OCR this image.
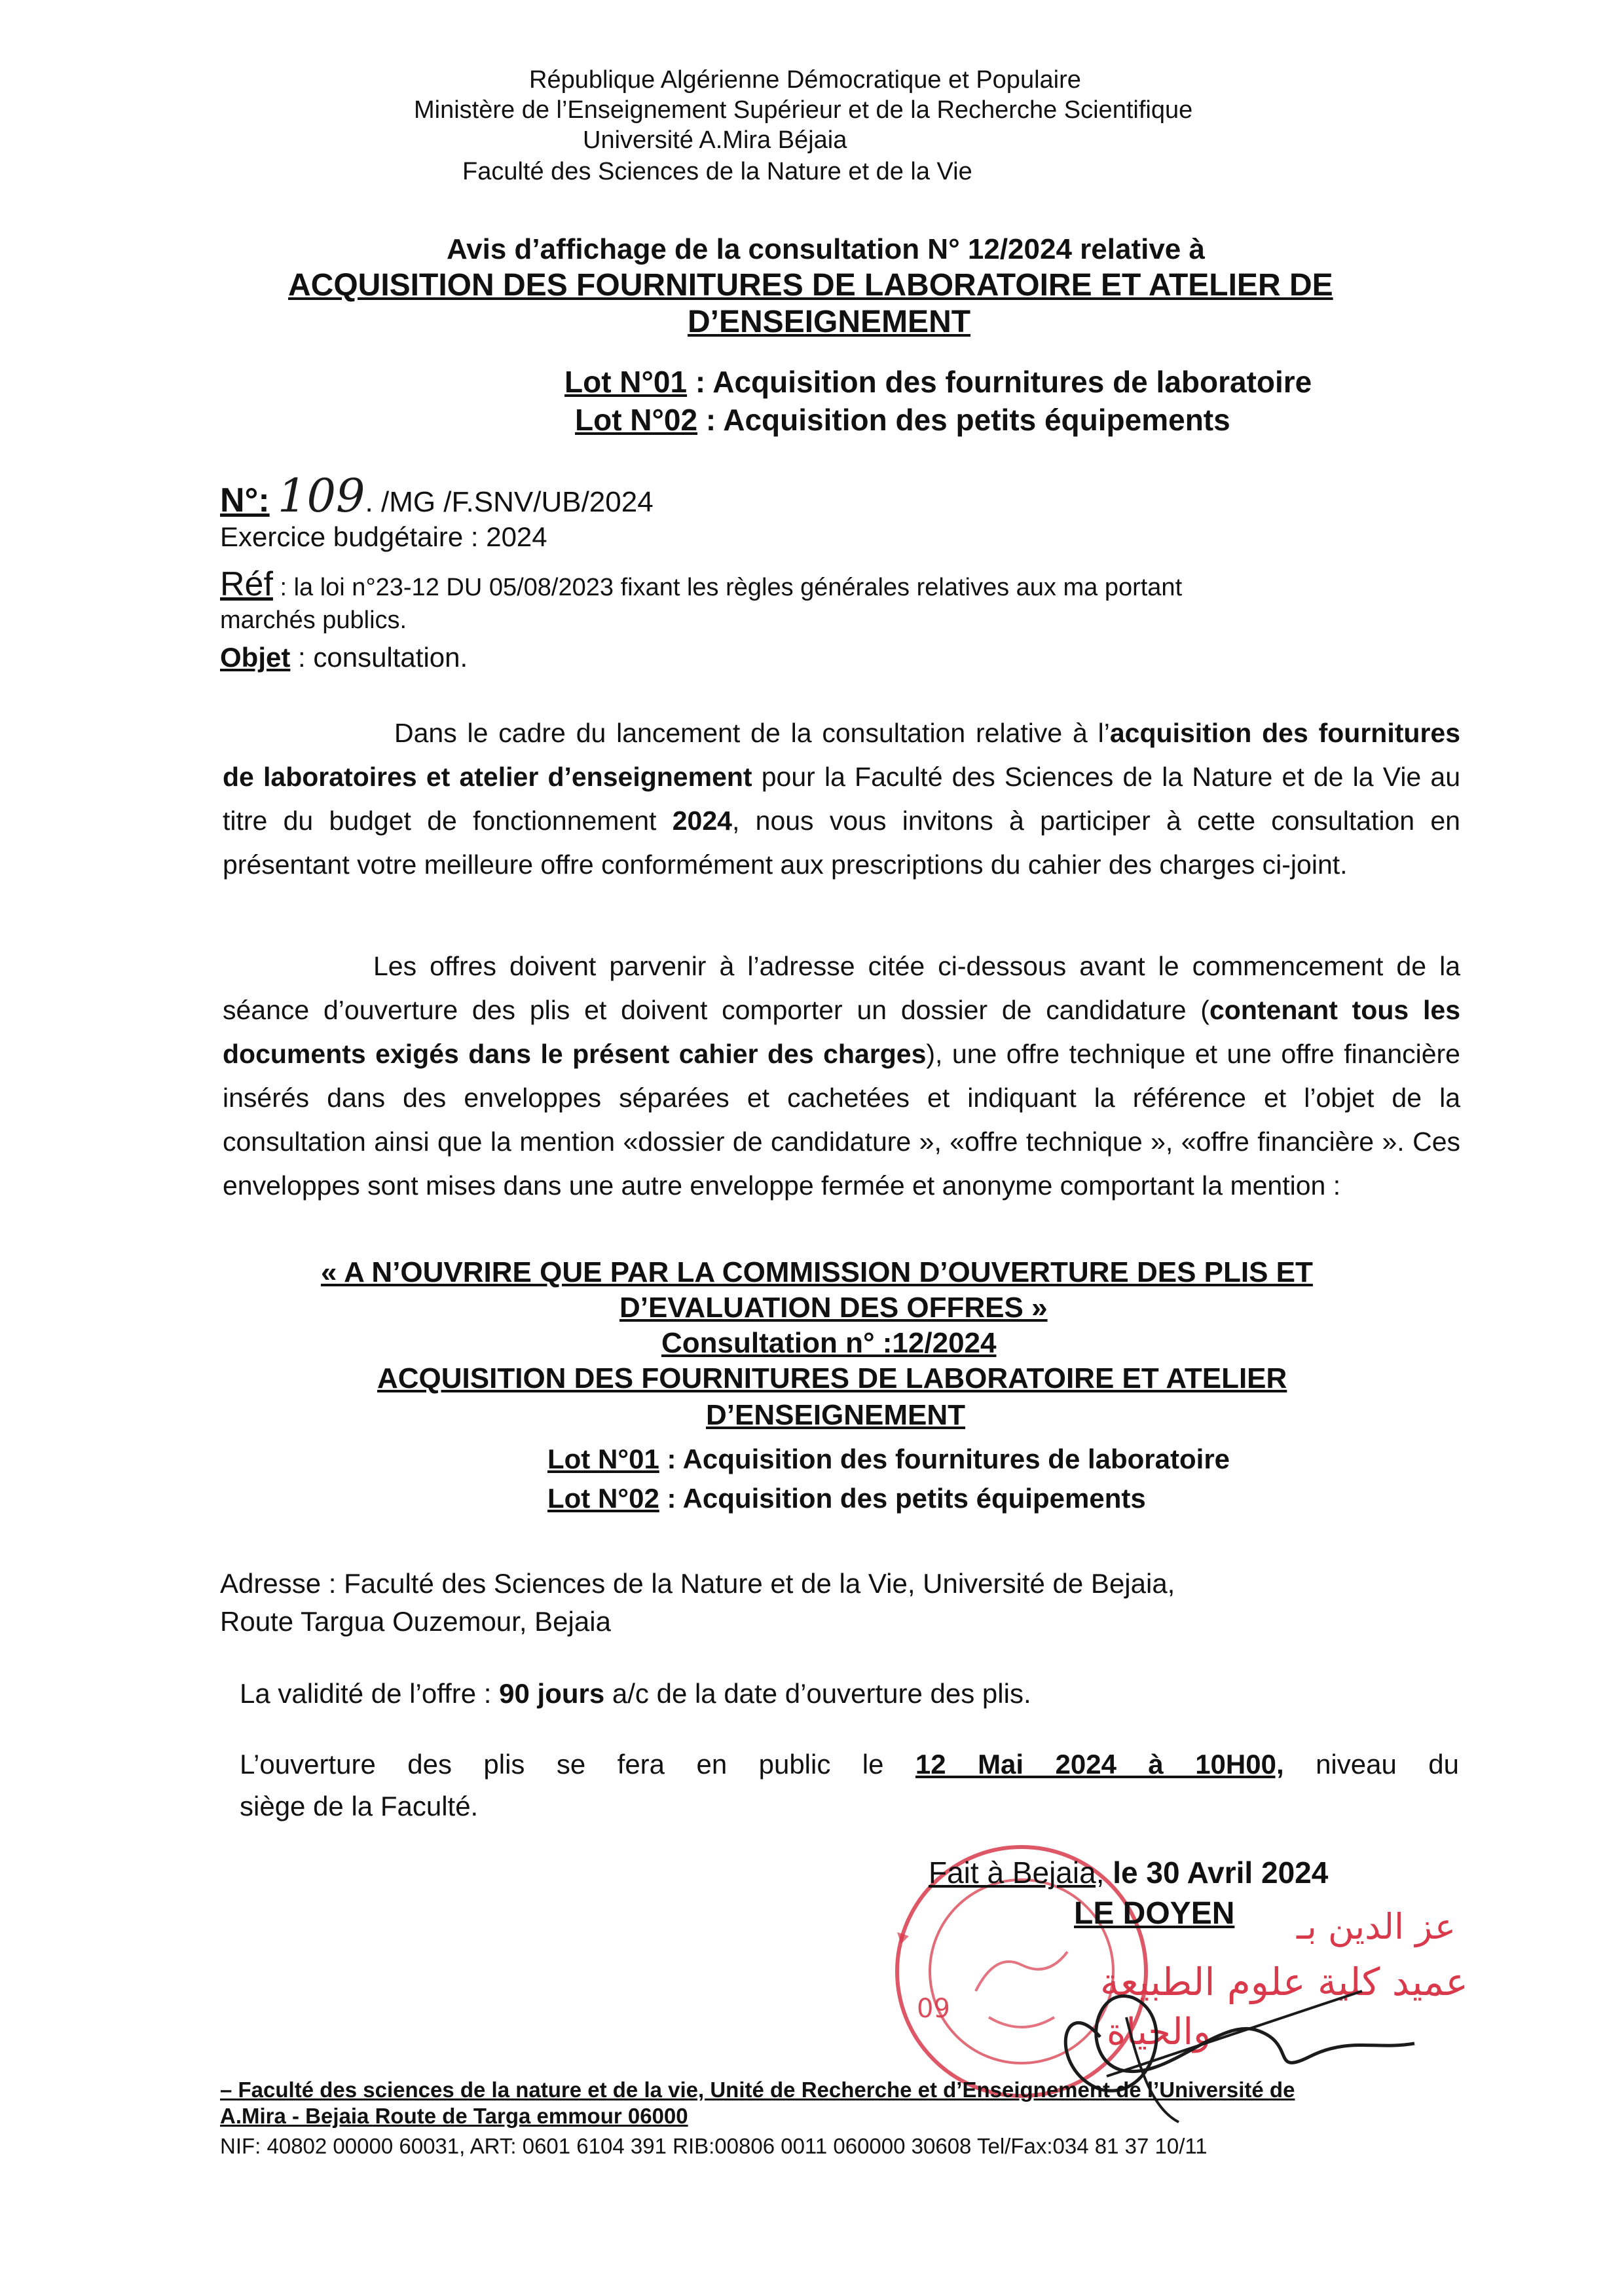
République Algérienne Démocratique et Populaire
Ministère de l’Enseignement Supérieur et de la Recherche Scientifique
Université A.Mira Béjaia
Faculté des Sciences de la Nature et de la Vie
Avis d’affichage de la consultation N° 12/2024 relative à
ACQUISITION DES FOURNITURES DE LABORATOIRE ET ATELIER DE
D’ENSEIGNEMENT
Lot N°01 : Acquisition des fournitures de laboratoire
Lot N°02 : Acquisition des petits équipements
N°: 109. /MG /F.SNV/UB/2024
Exercice budgétaire : 2024
Réf : la loi n°23-12 DU 05/08/2023 fixant les règles générales relatives aux ma portant
marchés publics.
Objet : consultation.
Dans le cadre du lancement de la consultation relative à l’acquisition des fournitures de laboratoires et atelier d’enseignement pour la Faculté des Sciences de la Nature et de la Vie au titre du budget de fonctionnement 2024, nous vous invitons à participer à cette consultation en présentant votre meilleure offre conformément aux prescriptions du cahier des charges ci-joint.
Les offres doivent parvenir à l’adresse citée ci-dessous avant le commencement de la séance d’ouverture des plis et doivent comporter un dossier de candidature (contenant tous les documents exigés dans le présent cahier des charges), une offre technique et une offre financière insérés dans des enveloppes séparées et cachetées et indiquant la référence et l’objet de la consultation ainsi que la mention «dossier de candidature », «offre technique », «offre financière ». Ces enveloppes sont mises dans une autre enveloppe fermée et anonyme comportant la mention :
« A N’OUVRIRE QUE PAR LA COMMISSION D’OUVERTURE DES PLIS ET
D’EVALUATION DES OFFRES »
Consultation n° :12/2024
ACQUISITION DES FOURNITURES DE LABORATOIRE ET ATELIER
D’ENSEIGNEMENT
Lot N°01 : Acquisition des fournitures de laboratoire
Lot N°02 : Acquisition des petits équipements
Adresse : Faculté des Sciences de la Nature et de la Vie, Université de Bejaia,
Route Targua Ouzemour, Bejaia
La validité de l’offre : 90 jours a/c de la date d’ouverture des plis.
L’ouverture des plis se fera en public le 12 Mai 2024 à 10H00, niveau du
siège de la Faculté.
09
Fait à Bejaia, le 30 Avril 2024
LE DOYEN عز الدين بـ
عميد كلية علوم الطبيعة
والحياة
– Faculté des sciences de la nature et de la vie, Unité de Recherche et d’Enseignement de l’Université de
A.Mira - Bejaia Route de Targa emmour 06000
NIF: 40802 00000 60031, ART: 0601 6104 391 RIB:00806 0011 060000 30608 Tel/Fax:034 81 37 10/11
